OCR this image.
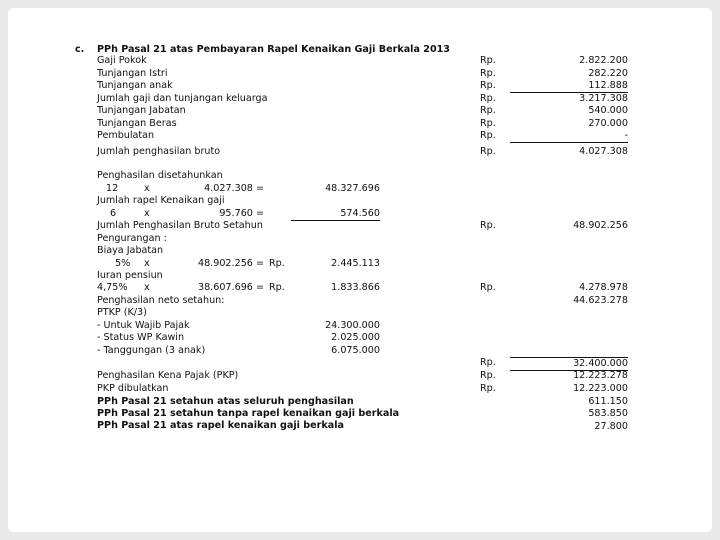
c. PPh Pasal 21 atas Pembayaran Rapel Kenaikan Gaji Berkala 2013
Gaji Pokok	Rp.	2.822.200
Tunjangan Istri	Rp.	282.220
Tunjangan anak	Rp.	112.888
Jumlah gaji dan tunjangan keluarga	Rp.	3.217.308
Tunjangan Jabatan	Rp.	540.000
Tunjangan Beras	Rp.	270.000
Pembulatan	Rp.	-
Jumlah penghasilan bruto	Rp.	4.027.308
Penghasilan disetahunkan
12	x	4.027.308 =	48.327.696
Jumlah rapel Kenaikan gaji
6	x	95.760 =	574.560
Jumlah Penghasilan Bruto Setahun	Rp.	48.902.256
Pengurangan :
Biaya Jabatan
5% x	48.902.256 = Rp.	2.445.113
Iuran pensiun
4,75% x	38.607.696 = Rp.	1.833.866	Rp.	4.278.978
Penghasilan neto setahun:	44.623.278
PTKP (K/3)
- Untuk Wajib Pajak	24.300.000
- Status WP Kawin	2.025.000
- Tanggungan (3 anak)	6.075.000
Rp.	32.400.000
Penghasilan Kena Pajak (PKP)	Rp.	12.223.278
PKP dibulatkan	Rp.	12.223.000
PPh Pasal 21 setahun atas seluruh penghasilan	611.150
PPh Pasal 21 setahun tanpa rapel kenaikan gaji berkala	583.850
PPh Pasal 21 atas rapel kenaikan gaji berkala	27.800
